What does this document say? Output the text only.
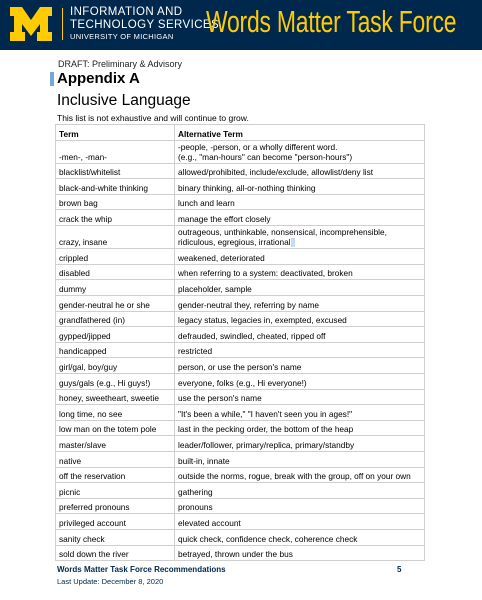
INFORMATION AND
TECHNOLOGY SERVICES
UNIVERSITY OF MICHIGAN	Words Matter Task Force
DRAFT: Preliminary & Advisory
Appendix A
Inclusive Language
This list is not exhaustive and will continue to grow.
Term	Alternative Term
-men-, -man-	-people, -person, or a wholly different word.
(e.g., "man-hours" can become "person-hours")

blacklist/whitelist	allowed/prohibited, include/exclude, allowlist/deny list

black-and-white thinking	binary thinking, all-or-nothing thinking

brown bag	lunch and learn

crack the whip	manage the effort closely

crazy, insane	outrageous, unthinkable, nonsensical, incomprehensible,
ridiculous, egregious, irrational

crippled	weakened, deteriorated

disabled	when referring to a system: deactivated, broken

dummy	placeholder, sample

gender-neutral he or she	gender-neutral they, referring by name

grandfathered (in)	legacy status, legacies in, exempted, excused

gypped/jipped	defrauded, swindled, cheated, ripped off

handicapped	restricted

girl/gal, boy/guy	person, or use the person's name

guys/gals (e.g., Hi guys!)	everyone, folks (e.g., Hi everyone!)

honey, sweetheart, sweetie	use the person's name

long time, no see	"It's been a while," "I haven't seen you in ages!"

low man on the totem pole	last in the pecking order, the bottom of the heap

master/slave	leader/follower, primary/replica, primary/standby

native	built-in, innate

off the reservation	outside the norms, rogue, break with the group, off on your own

picnic	gathering

preferred pronouns	pronouns

privileged account	elevated account

sanity check	quick check, confidence check, coherence check

sold down the river	betrayed, thrown under the bus
Words Matter Task Force Recommendations
Last Update: December 8, 2020
5
